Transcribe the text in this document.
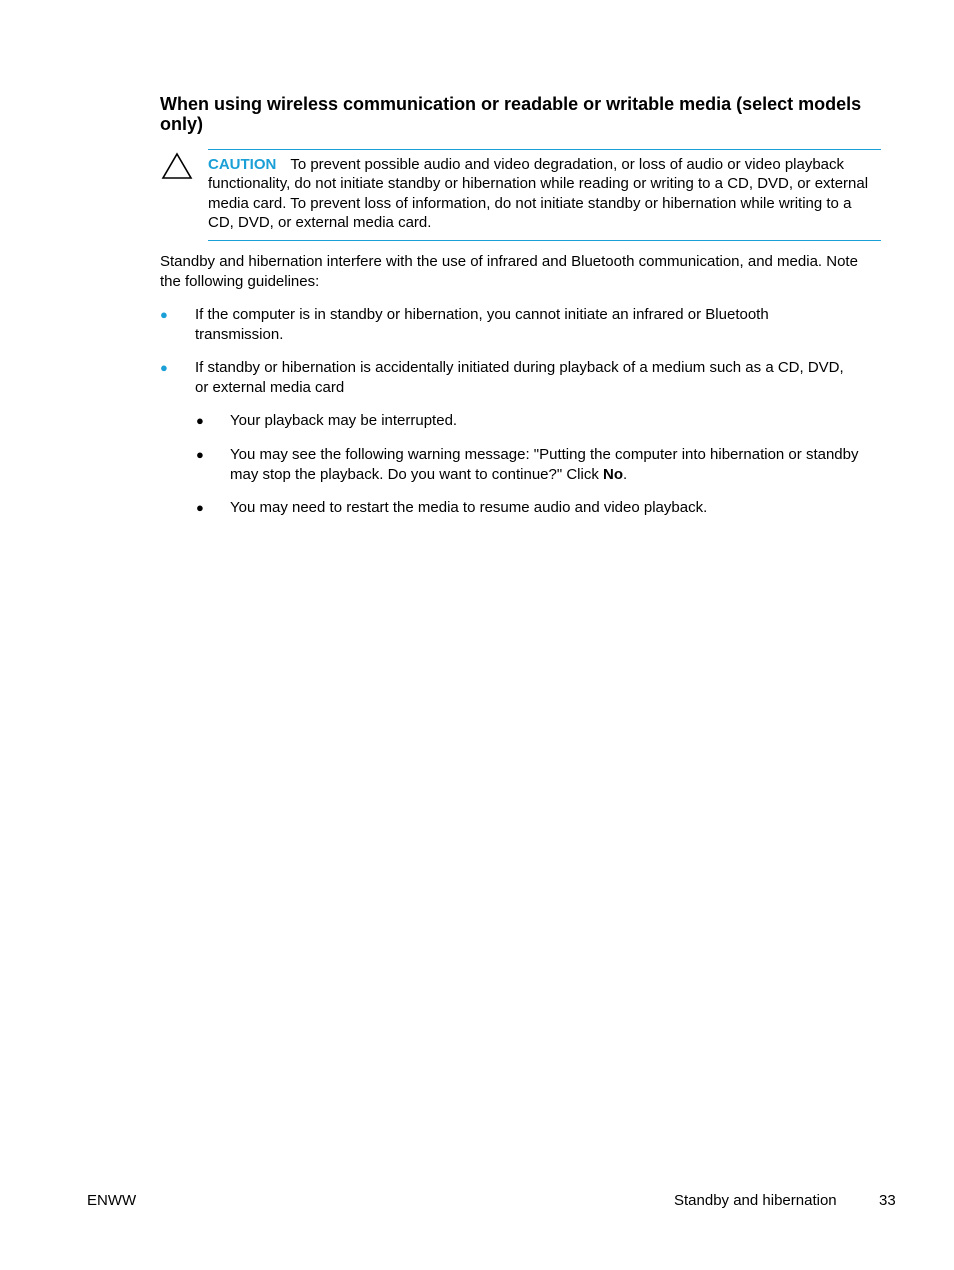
When using wireless communication or readable or writable media (select models only)
CAUTION To prevent possible audio and video degradation, or loss of audio or video playback functionality, do not initiate standby or hibernation while reading or writing to a CD, DVD, or external media card. To prevent loss of information, do not initiate standby or hibernation while writing to a CD, DVD, or external media card.

Standby and hibernation interfere with the use of infrared and Bluetooth communication, and media. Note the following guidelines:

● If the computer is in standby or hibernation, you cannot initiate an infrared or Bluetooth transmission.
● If standby or hibernation is accidentally initiated during playback of a medium such as a CD, DVD, or external media card
● Your playback may be interrupted.
● You may see the following warning message: "Putting the computer into hibernation or standby may stop the playback. Do you want to continue?" Click No.
● You may need to restart the media to resume audio and video playback.
ENWW	Standby and hibernation	33
